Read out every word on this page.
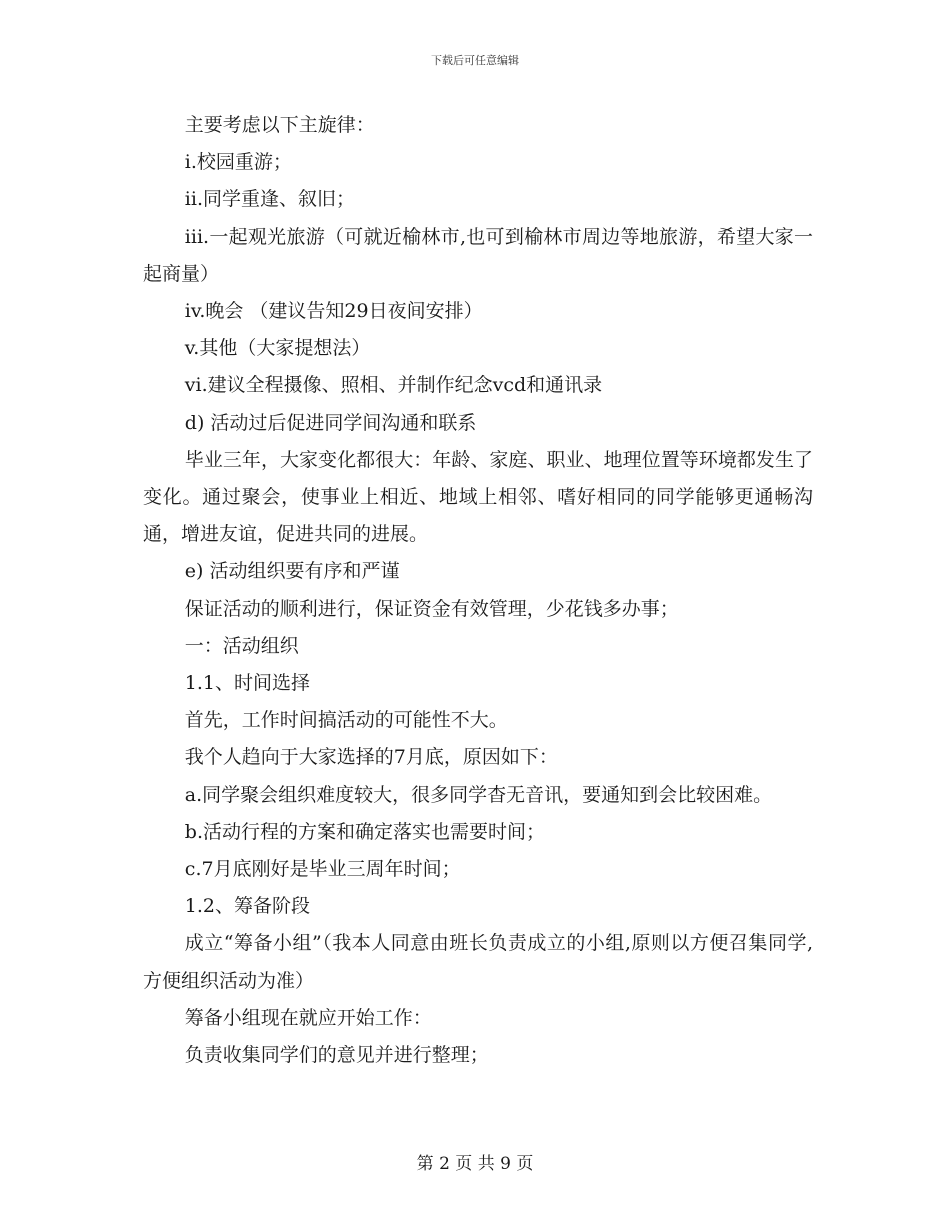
下载后可任意编辑

主要考虑以下主旋律：

i.校园重游；

ii.同学重逢、叙旧；

iii.一起观光旅游（可就近榆林市,也可到榆林市周边等地旅游，希望大家一起商量）

iv.晚会 （建议告知29日夜间安排）

v.其他（大家提想法）

vi.建议全程摄像、照相、并制作纪念vcd和通讯录

d) 活动过后促进同学间沟通和联系

毕业三年，大家变化都很大：年龄、家庭、职业、地理位置等环境都发生了变化。通过聚会，使事业上相近、地域上相邻、嗜好相同的同学能够更通畅沟通，增进友谊，促进共同的进展。

e) 活动组织要有序和严谨

保证活动的顺利进行，保证资金有效管理，少花钱多办事；

一：活动组织

1.1、时间选择

首先，工作时间搞活动的可能性不大。

我个人趋向于大家选择的7月底，原因如下：

a.同学聚会组织难度较大，很多同学杳无音讯，要通知到会比较困难。

b.活动行程的方案和确定落实也需要时间；

c.7月底刚好是毕业三周年时间；

1.2、筹备阶段

成立“筹备小组”（我本人同意由班长负责成立的小组,原则以方便召集同学,方便组织活动为准）

筹备小组现在就应开始工作：

负责收集同学们的意见并进行整理；

第 2 页 共 9 页
